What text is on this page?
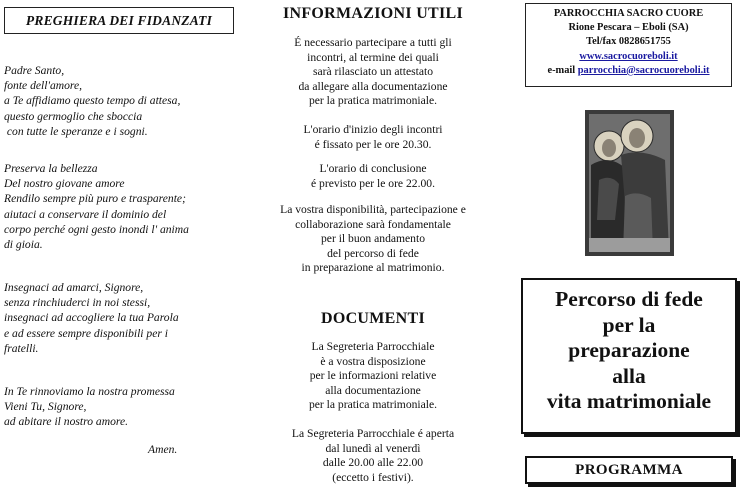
PREGHIERA DEI FIDANZATI
Padre Santo,
fonte dell'amore,
a Te affidiamo questo tempo di attesa,
questo germoglio che sboccia
con tutte le speranze e i sogni.
Preserva la bellezza
Del nostro giovane amore
Rendilo sempre più puro e trasparente;
aiutaci a conservare il dominio del
corpo perché ogni gesto inondi l' anima
di gioia.
Insegnaci ad amarci, Signore,
senza rinchiuderci in noi stessi,
insegnaci ad accogliere la tua Parola
e ad essere sempre disponibili per i
fratelli.
In Te rinnoviamo la nostra promessa
Vieni Tu, Signore,
ad abitare il nostro amore.
Amen.
INFORMAZIONI UTILI
É necessario partecipare a tutti gli
incontri, al termine dei quali
sarà rilasciato un attestato
da allegare alla documentazione
per la pratica matrimoniale.
L'orario d'inizio degli incontri
é fissato per le ore 20.30.
L'orario di conclusione
é previsto per le ore 22.00.
La vostra disponibilità, partecipazione e
collaborazione sarà fondamentale
per il buon andamento
del percorso di fede
in preparazione al matrimonio.
DOCUMENTI
La Segreteria Parrocchiale
è a vostra disposizione
per le informazioni relative
alla documentazione
per la pratica matrimoniale.
La Segreteria Parrocchiale é aperta
dal lunedì al venerdì
dalle 20.00 alle 22.00
(eccetto i festivi).
PARROCCHIA SACRO CUORE
Rione Pescara – Eboli (SA)
Tel/fax 0828651755
www.sacrocuoreboli.it
e-mail parrocchia@sacrocuoreboli.it
Percorso di fede
per la
preparazione
alla
vita matrimoniale
PROGRAMMA
